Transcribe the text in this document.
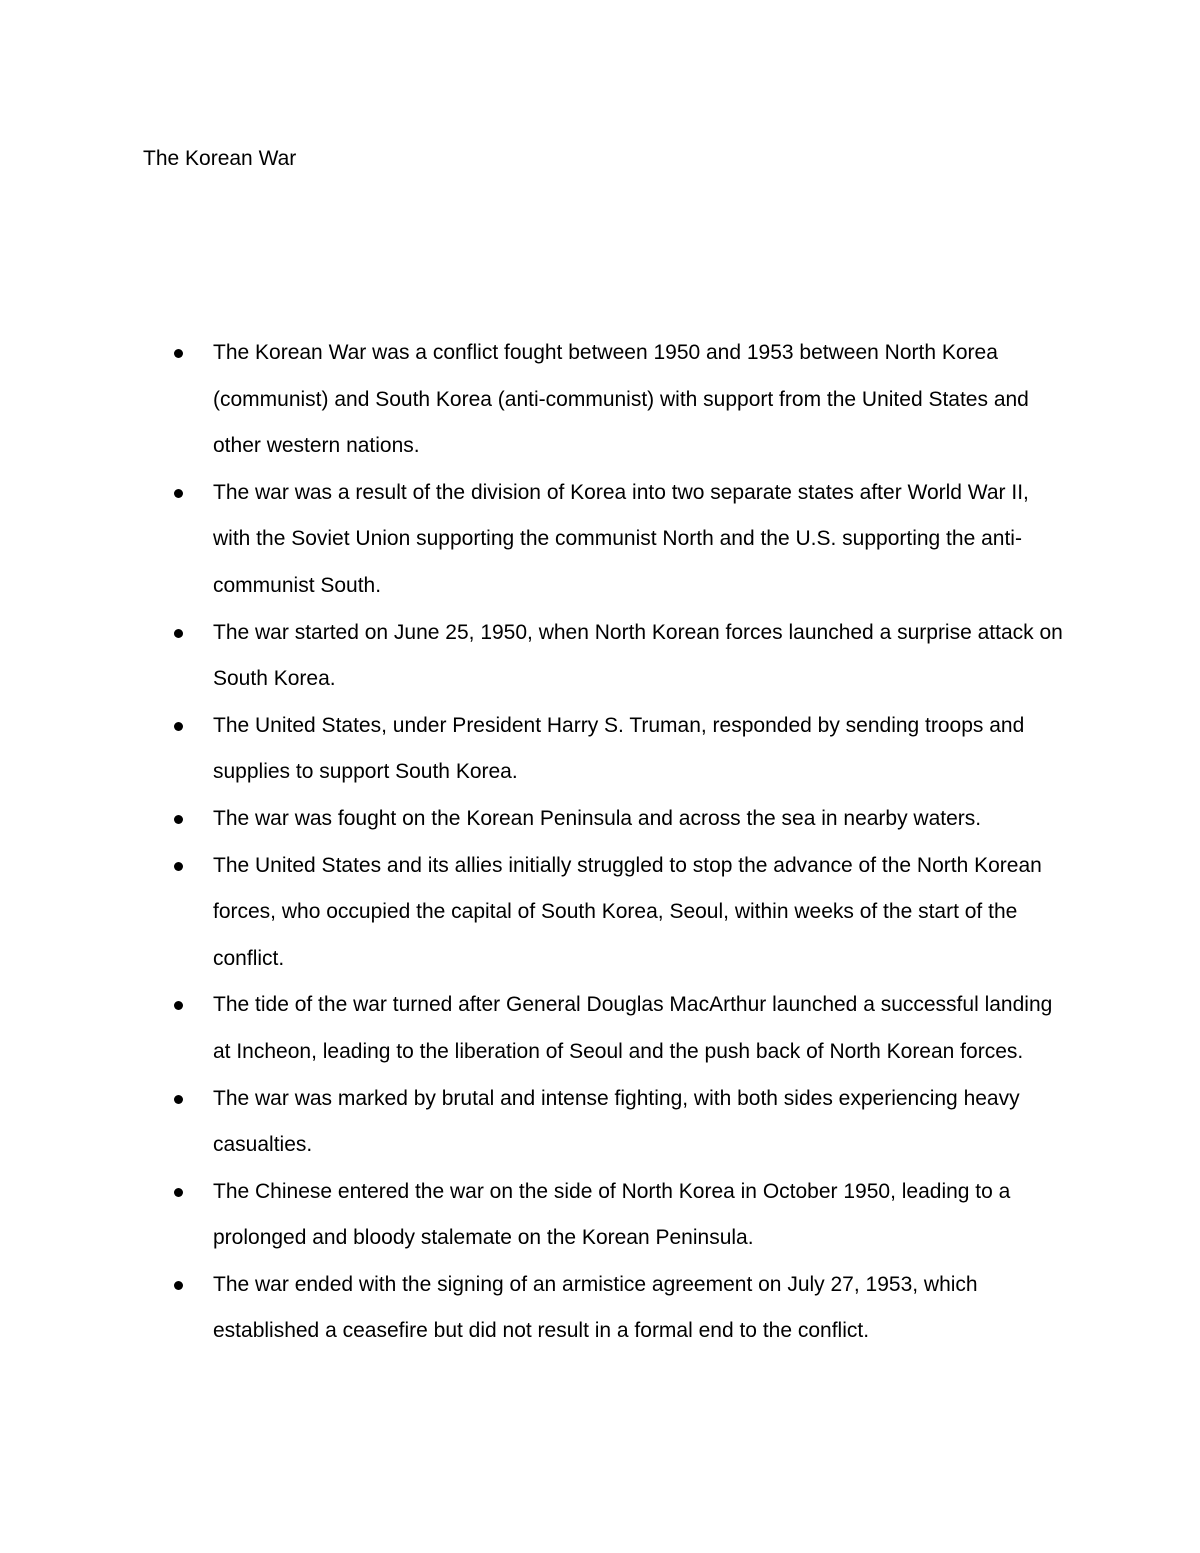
The Korean War
The Korean War was a conflict fought between 1950 and 1953 between North Korea (communist) and South Korea (anti-communist) with support from the United States and other western nations.
The war was a result of the division of Korea into two separate states after World War II, with the Soviet Union supporting the communist North and the U.S. supporting the anti-communist South.
The war started on June 25, 1950, when North Korean forces launched a surprise attack on South Korea.
The United States, under President Harry S. Truman, responded by sending troops and supplies to support South Korea.
The war was fought on the Korean Peninsula and across the sea in nearby waters.
The United States and its allies initially struggled to stop the advance of the North Korean forces, who occupied the capital of South Korea, Seoul, within weeks of the start of the conflict.
The tide of the war turned after General Douglas MacArthur launched a successful landing at Incheon, leading to the liberation of Seoul and the push back of North Korean forces.
The war was marked by brutal and intense fighting, with both sides experiencing heavy casualties.
The Chinese entered the war on the side of North Korea in October 1950, leading to a prolonged and bloody stalemate on the Korean Peninsula.
The war ended with the signing of an armistice agreement on July 27, 1953, which established a ceasefire but did not result in a formal end to the conflict.
